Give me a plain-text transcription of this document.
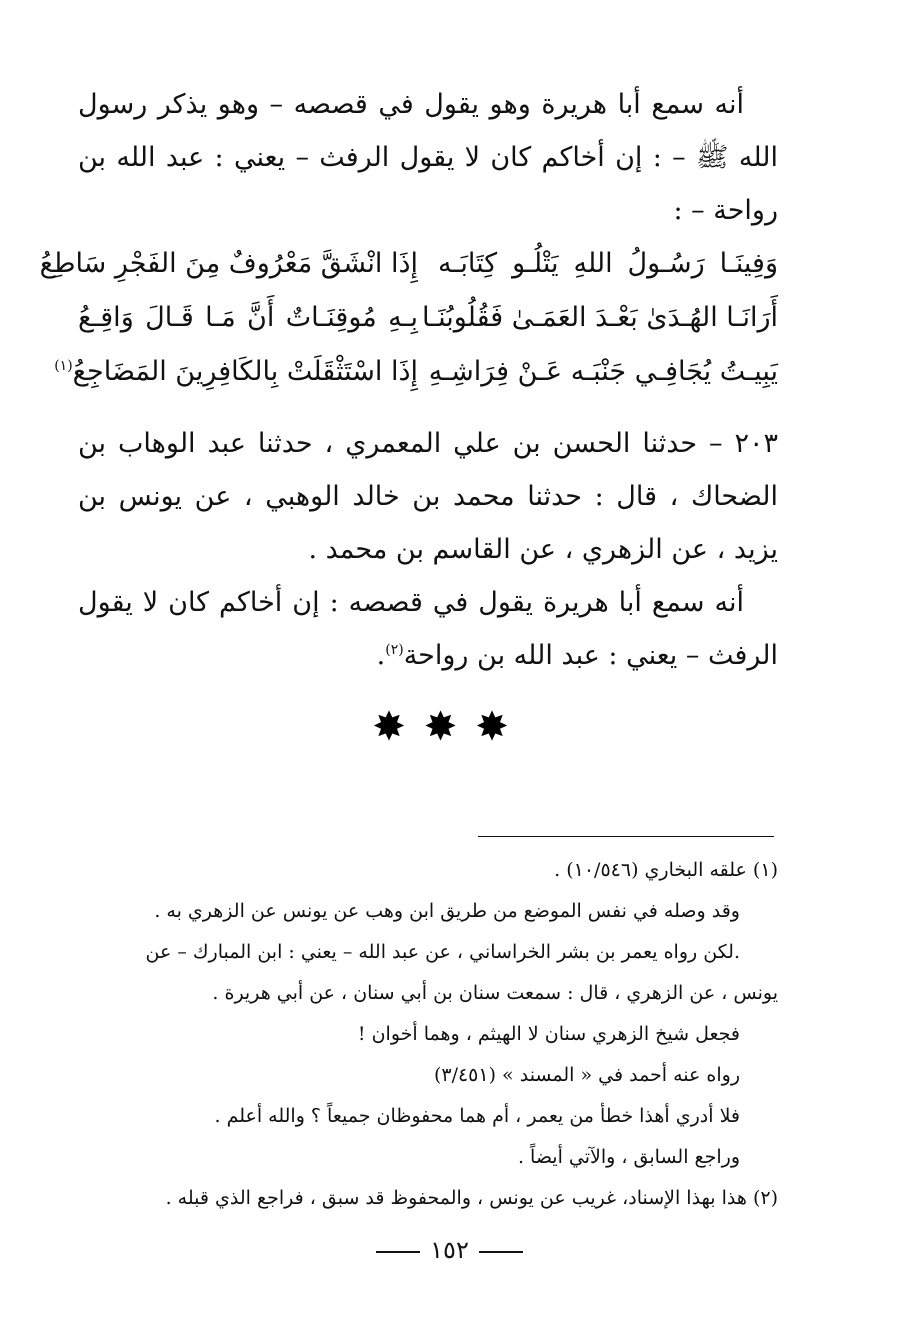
أنه سمع أبا هريرة وهو يقول في قصصه – وهو يذكر رسول الله ﷺ – : إن أخاكم كان لا يقول الرفث – يعني : عبد الله بن رواحة – :

وَفِينَـا رَسُـولُ اللهِ يَتْلُـو كِتَابَـه
إِذَا انْشَقَّ مَعْرُوفٌ مِنَ الفَجْرِ سَاطِعُ
أَرَانَـا الهُـدَىٰ بَعْـدَ العَمَـىٰ فَقُلُوبُنَـا
بِـهِ مُوقِنَـاتٌ أَنَّ مَـا قَـالَ وَاقِـعُ
يَبِيـتُ يُجَافِـي جَنْبَـه عَـنْ فِرَاشِـهِ
إِذَا اسْتَثْقَلَتْ بِالكَافِرِينَ المَضَاجِعُ$^{(١)}$

٢٠٣ – حدثنا الحسن بن علي المعمري ، حدثنا عبد الوهاب بن الضحاك ، قال : حدثنا محمد بن خالد الوهبي ، عن يونس بن يزيد ، عن الزهري ، عن القاسم بن محمد .

أنه سمع أبا هريرة يقول في قصصه : إن أخاكم كان لا يقول الرفث – يعني : عبد الله بن رواحة$^{(٢)}$.

✸✸✸

(١) علقه البخاري (١٠/٥٤٦) .

وقد وصله في نفس الموضع من طريق ابن وهب عن يونس عن الزهري به .

.لكن رواه يعمر بن بشر الخراساني ، عن عبد الله – يعني : ابن المبارك – عن

يونس ، عن الزهري ، قال : سمعت سنان بن أبي سنان ، عن أبي هريرة .

فجعل شيخ الزهري سنان لا الهيثم ، وهما أخوان !

رواه عنه أحمد في « المسند » (٣/٤٥١)

فلا أدري أهذا خطأ من يعمر ، أم هما محفوظان جميعاً ؟ والله أعلم .

وراجع السابق ، والآتي أيضاً .

(٢) هذا بهذا الإسناد، غريب عن يونس ، والمحفوظ قد سبق ، فراجع الذي قبله .

١٥٢
